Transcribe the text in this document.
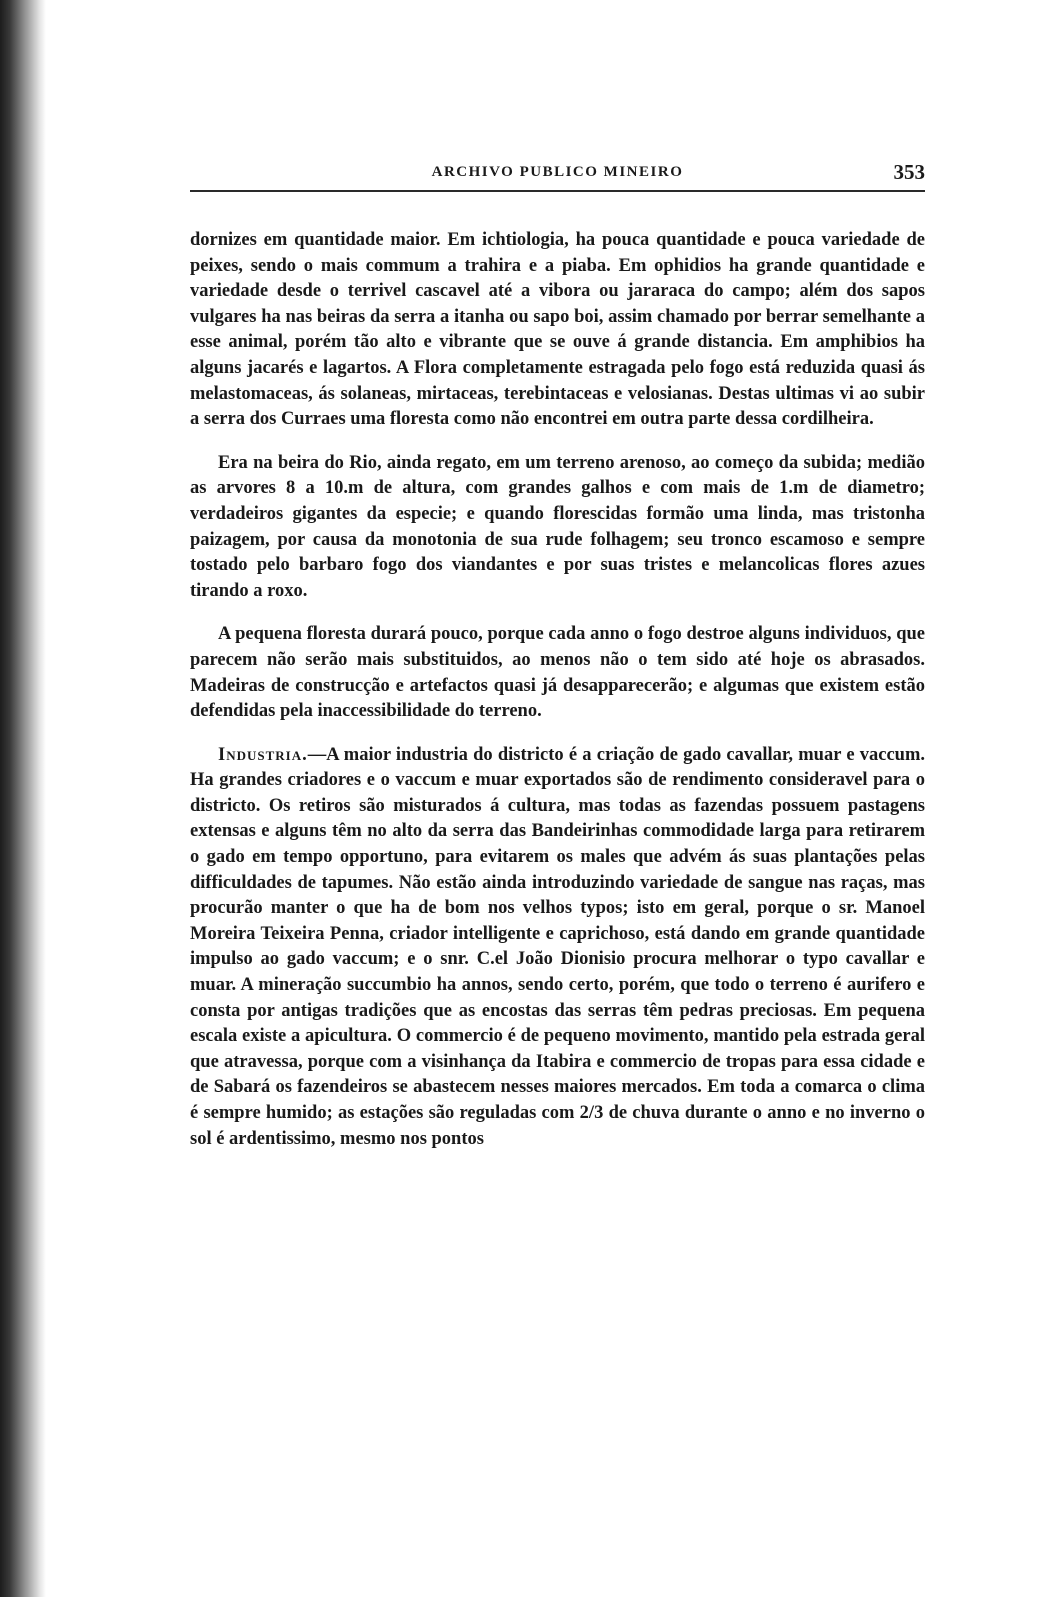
ARCHIVO PUBLICO MINEIRO	353

dornizes em quantidade maior. Em ichtiologia, ha pouca quantidade e pouca variedade de peixes, sendo o mais commum a trahira e a piaba. Em ophidios ha grande quantidade e variedade desde o terrivel cascavel até a vibora ou jararaca do campo; além dos sapos vulgares ha nas beiras da serra a itanha ou sapo boi, assim chamado por berrar semelhante a esse animal, porém tão alto e vibrante que se ouve á grande distancia. Em amphibios ha alguns jacarés e lagartos. A Flora completamente estragada pelo fogo está reduzida quasi ás melastomaceas, ás solaneas, mirtaceas, terebintaceas e velosianas. Destas ultimas vi ao subir a serra dos Curraes uma floresta como não encontrei em outra parte dessa cordilheira.

Era na beira do Rio, ainda regato, em um terreno arenoso, ao começo da subida; medião as arvores 8 a 10.m de altura, com grandes galhos e com mais de 1.m de diametro; verdadeiros gigantes da especie; e quando florescidas formão uma linda, mas tristonha paizagem, por causa da monotonia de sua rude folhagem; seu tronco escamoso e sempre tostado pelo barbaro fogo dos viandantes e por suas tristes e melancolicas flores azues tirando a roxo.

A pequena floresta durará pouco, porque cada anno o fogo destroe alguns individuos, que parecem não serão mais substituidos, ao menos não o tem sido até hoje os abrasados. Madeiras de construcção e artefactos quasi já desapparecerão; e algumas que existem estão defendidas pela inaccessibilidade do terreno.

Industria.—A maior industria do districto é a criação de gado cavallar, muar e vaccum. Ha grandes criadores e o vaccum e muar exportados são de rendimento consideravel para o districto. Os retiros são misturados á cultura, mas todas as fazendas possuem pastagens extensas e alguns têm no alto da serra das Bandeirinhas commodidade larga para retirarem o gado em tempo opportuno, para evitarem os males que advém ás suas plantações pelas difficuldades de tapumes. Não estão ainda introduzindo variedade de sangue nas raças, mas procurão manter o que ha de bom nos velhos typos; isto em geral, porque o sr. Manoel Moreira Teixeira Penna, criador intelligente e caprichoso, está dando em grande quantidade impulso ao gado vaccum; e o snr. C.el João Dionisio procura melhorar o typo cavallar e muar. A mineração succumbio ha annos, sendo certo, porém, que todo o terreno é aurifero e consta por antigas tradições que as encostas das serras têm pedras preciosas. Em pequena escala existe a apicultura. O commercio é de pequeno movimento, mantido pela estrada geral que atravessa, porque com a visinhança da Itabira e commercio de tropas para essa cidade e de Sabará os fazendeiros se abastecem nesses maiores mercados. Em toda a comarca o clima é sempre humido; as estações são reguladas com 2/3 de chuva durante o anno e no inverno o sol é ardentissimo, mesmo nos pontos
